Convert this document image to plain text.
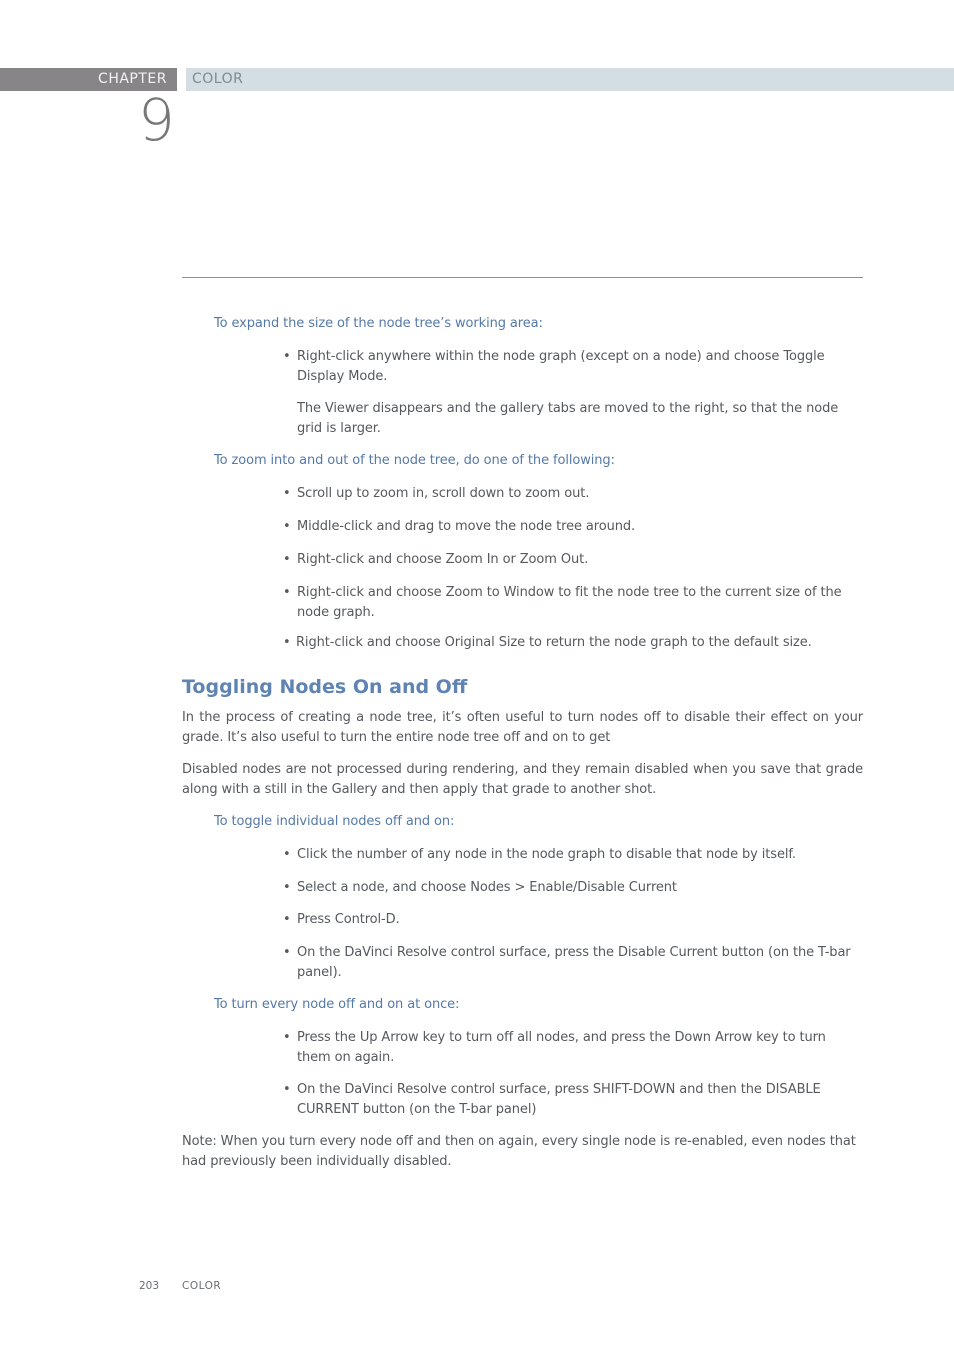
CHAPTER COLOR
9

To expand the size of the node tree’s working area:

• Right-click anywhere within the node graph (except on a node) and choose Toggle Display Mode.

The Viewer disappears and the gallery tabs are moved to the right, so that the node grid is larger.

To zoom into and out of the node tree, do one of the following:

• Scroll up to zoom in, scroll down to zoom out.
• Middle-click and drag to move the node tree around.
• Right-click and choose Zoom In or Zoom Out.
• Right-click and choose Zoom to Window to fit the node tree to the current size of the node graph.
• Right-click and choose Original Size to return the node graph to the default size.
Toggling Nodes On and Off

In the process of creating a node tree, it’s often useful to turn nodes off to disable their effect on your grade. It’s also useful to turn the entire node tree off and on to get

Disabled nodes are not processed during rendering, and they remain disabled when you save that grade along with a still in the Gallery and then apply that grade to another shot.

To toggle individual nodes off and on:

• Click the number of any node in the node graph to disable that node by itself.
• Select a node, and choose Nodes > Enable/Disable Current
• Press Control-D.
• On the DaVinci Resolve control surface, press the Disable Current button (on the T-bar panel).

To turn every node off and on at once:

• Press the Up Arrow key to turn off all nodes, and press the Down Arrow key to turn them on again.
• On the DaVinci Resolve control surface, press SHIFT-DOWN and then the DISABLE CURRENT button (on the T-bar panel)

Note: When you turn every node off and then on again, every single node is re-enabled, even nodes that had previously been individually disabled.

203 COLOR
